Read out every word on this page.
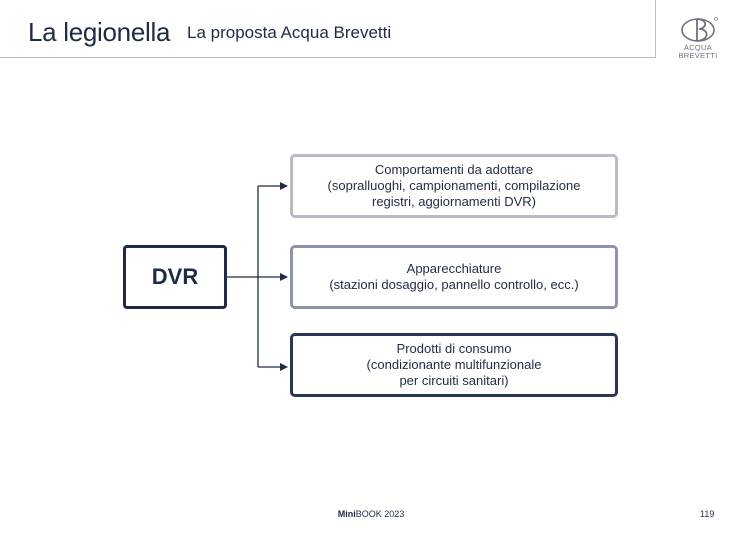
La legionella La proposta Acqua Brevetti
ACQUA
BREVETTI
DVR
Comportamenti da adottare
(sopralluoghi, campionamenti, compilazione
registri, aggiornamenti DVR)
Apparecchiature
(stazioni dosaggio, pannello controllo, ecc.)
Prodotti di consumo
(condizionante multifunzionale
per circuiti sanitari)
MiniBOOK 2023	119
